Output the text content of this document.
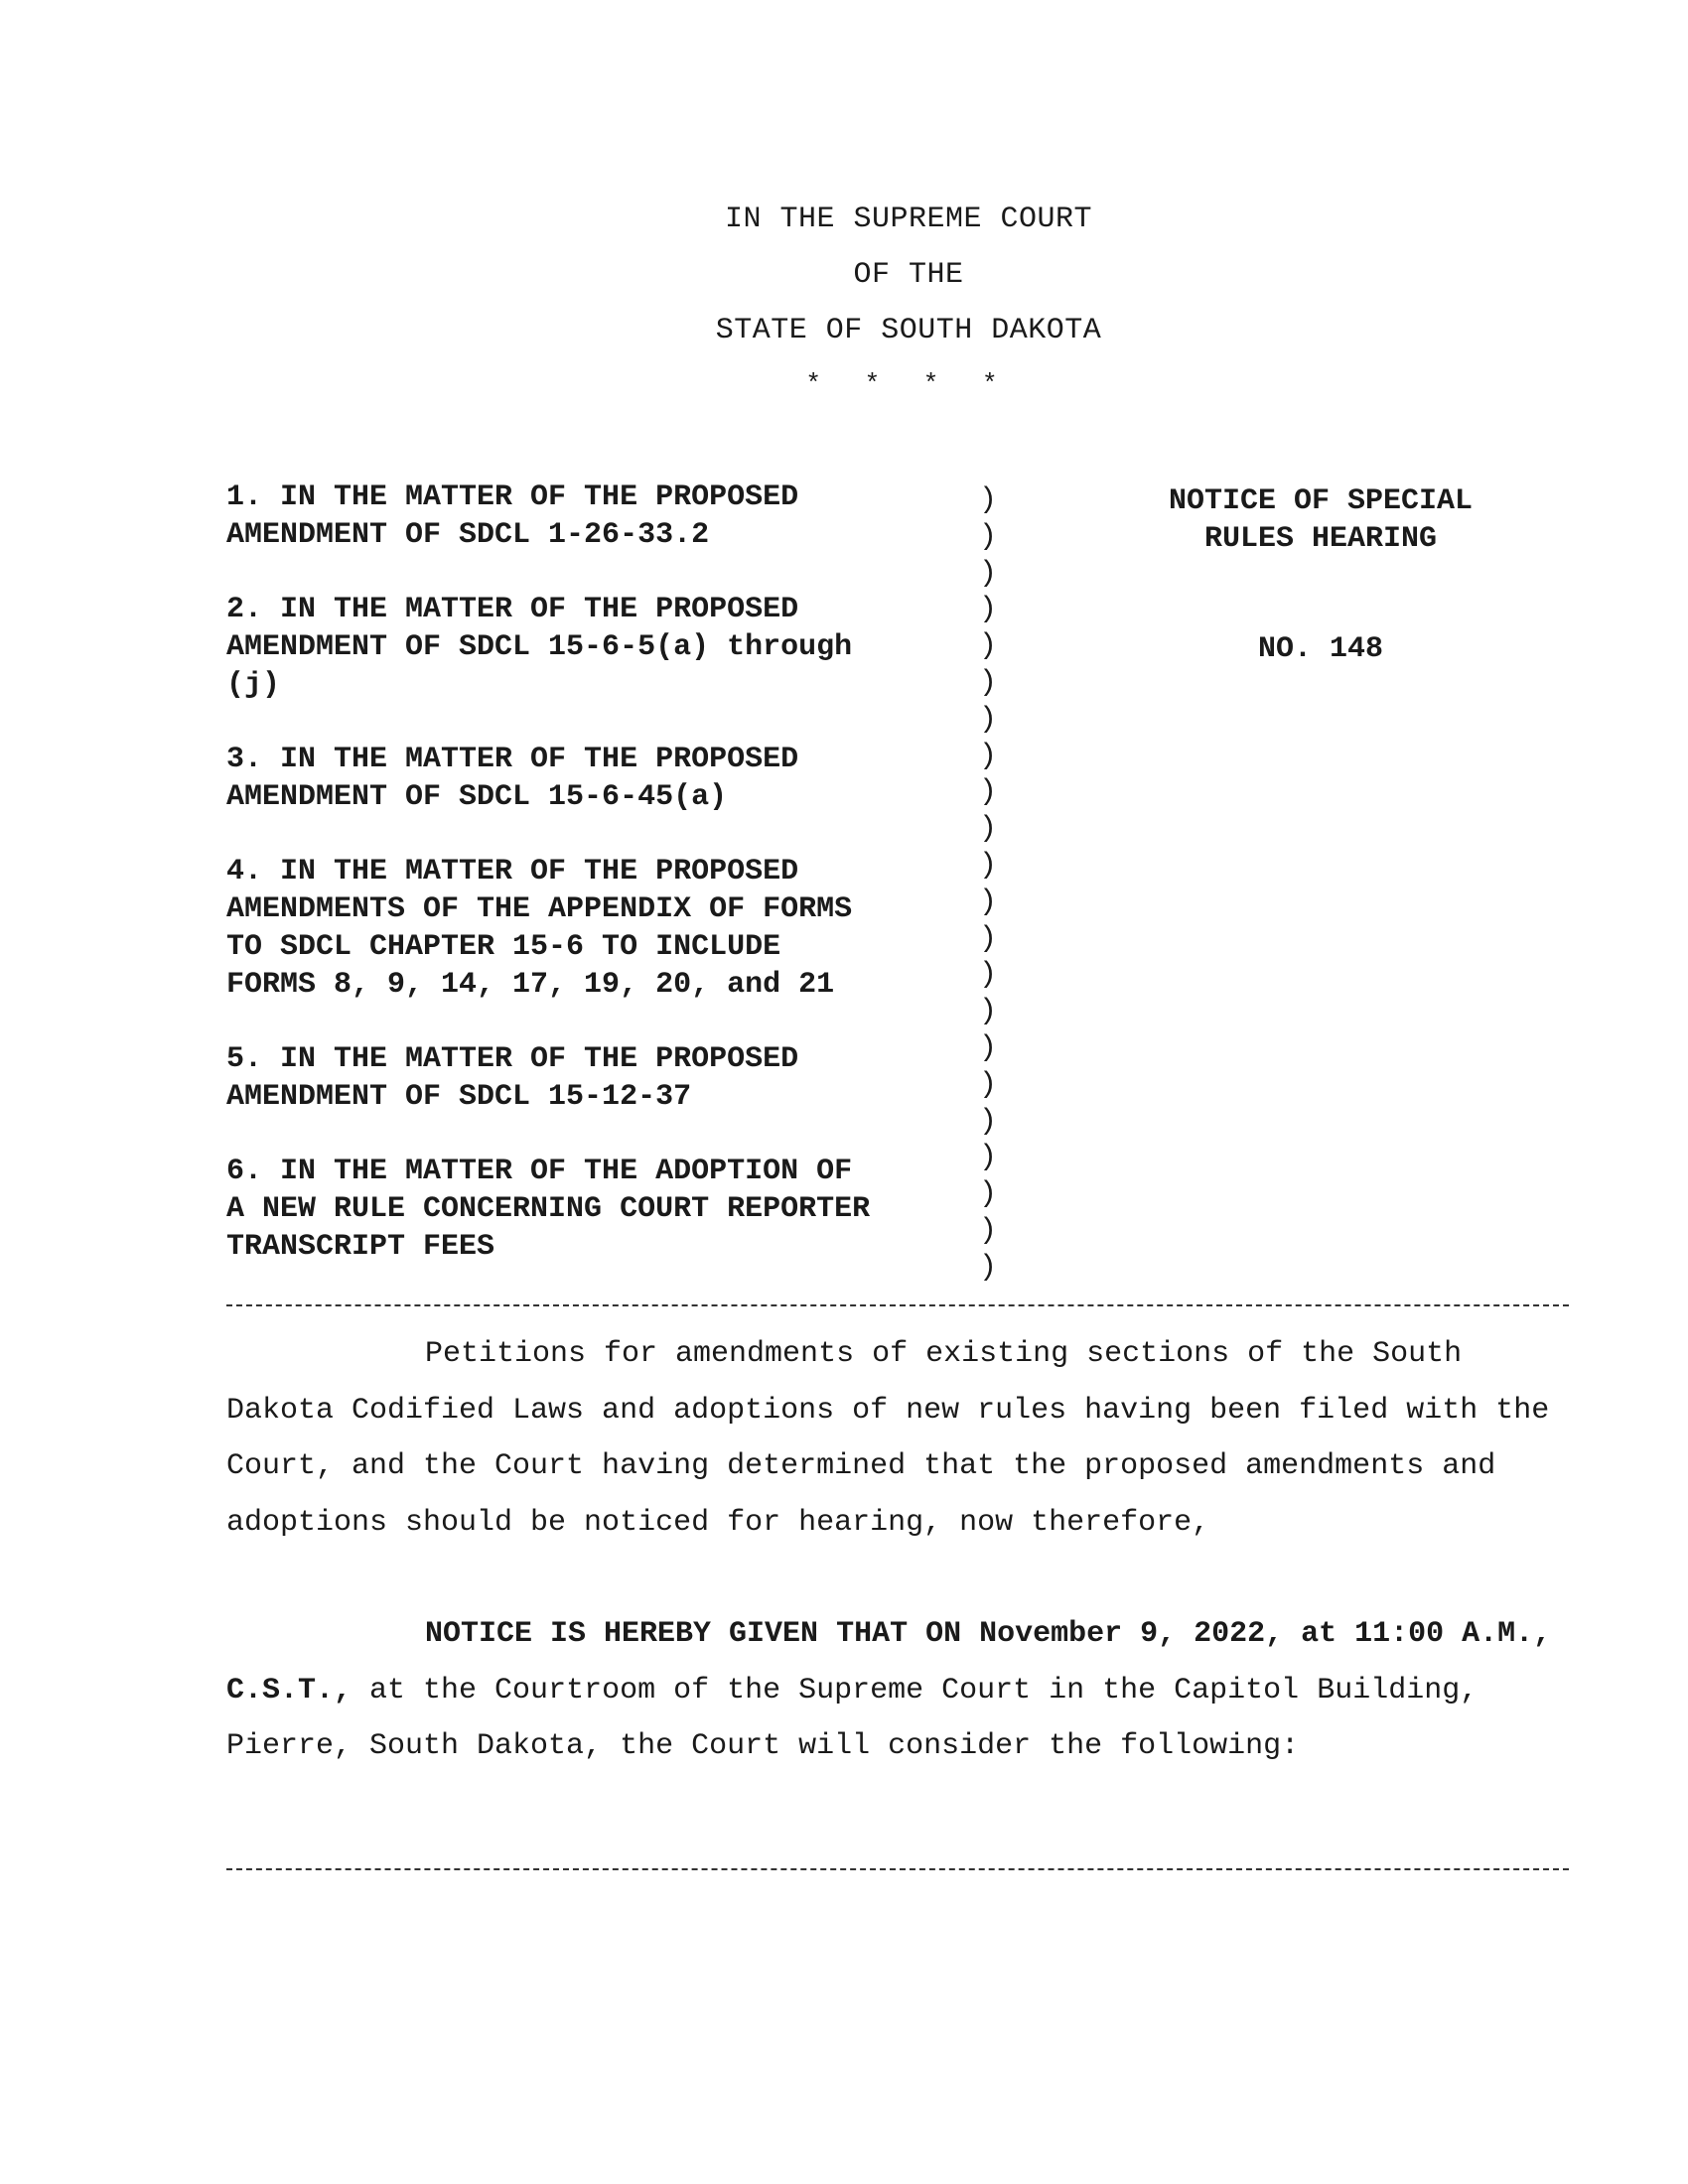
IN THE SUPREME COURT
OF THE
STATE OF SOUTH DAKOTA
* * * *
1. IN THE MATTER OF THE PROPOSED
AMENDMENT OF SDCL 1-26-33.2
2. IN THE MATTER OF THE PROPOSED
AMENDMENT OF SDCL 15-6-5(a) through
(j)
3. IN THE MATTER OF THE PROPOSED
AMENDMENT OF SDCL 15-6-45(a)
4. IN THE MATTER OF THE PROPOSED
AMENDMENTS OF THE APPENDIX OF FORMS
TO SDCL CHAPTER 15-6 TO INCLUDE
FORMS 8, 9, 14, 17, 19, 20, and 21
5. IN THE MATTER OF THE PROPOSED
AMENDMENT OF SDCL 15-12-37
6. IN THE MATTER OF THE ADOPTION OF
A NEW RULE CONCERNING COURT REPORTER
TRANSCRIPT FEES
)
)
)
)
)
)
)
)
)
)
)
)
)
)
)
)
)
)
)
)
)
)
NOTICE OF SPECIAL
RULES HEARING
NO. 148
Petitions for amendments of existing sections of the South Dakota Codified Laws and adoptions of new rules having been filed with the Court, and the Court having determined that the proposed amendments and adoptions should be noticed for hearing, now therefore,
NOTICE IS HEREBY GIVEN THAT ON November 9, 2022, at 11:00 A.M., C.S.T., at the Courtroom of the Supreme Court in the Capitol Building, Pierre, South Dakota, the Court will consider the following:
